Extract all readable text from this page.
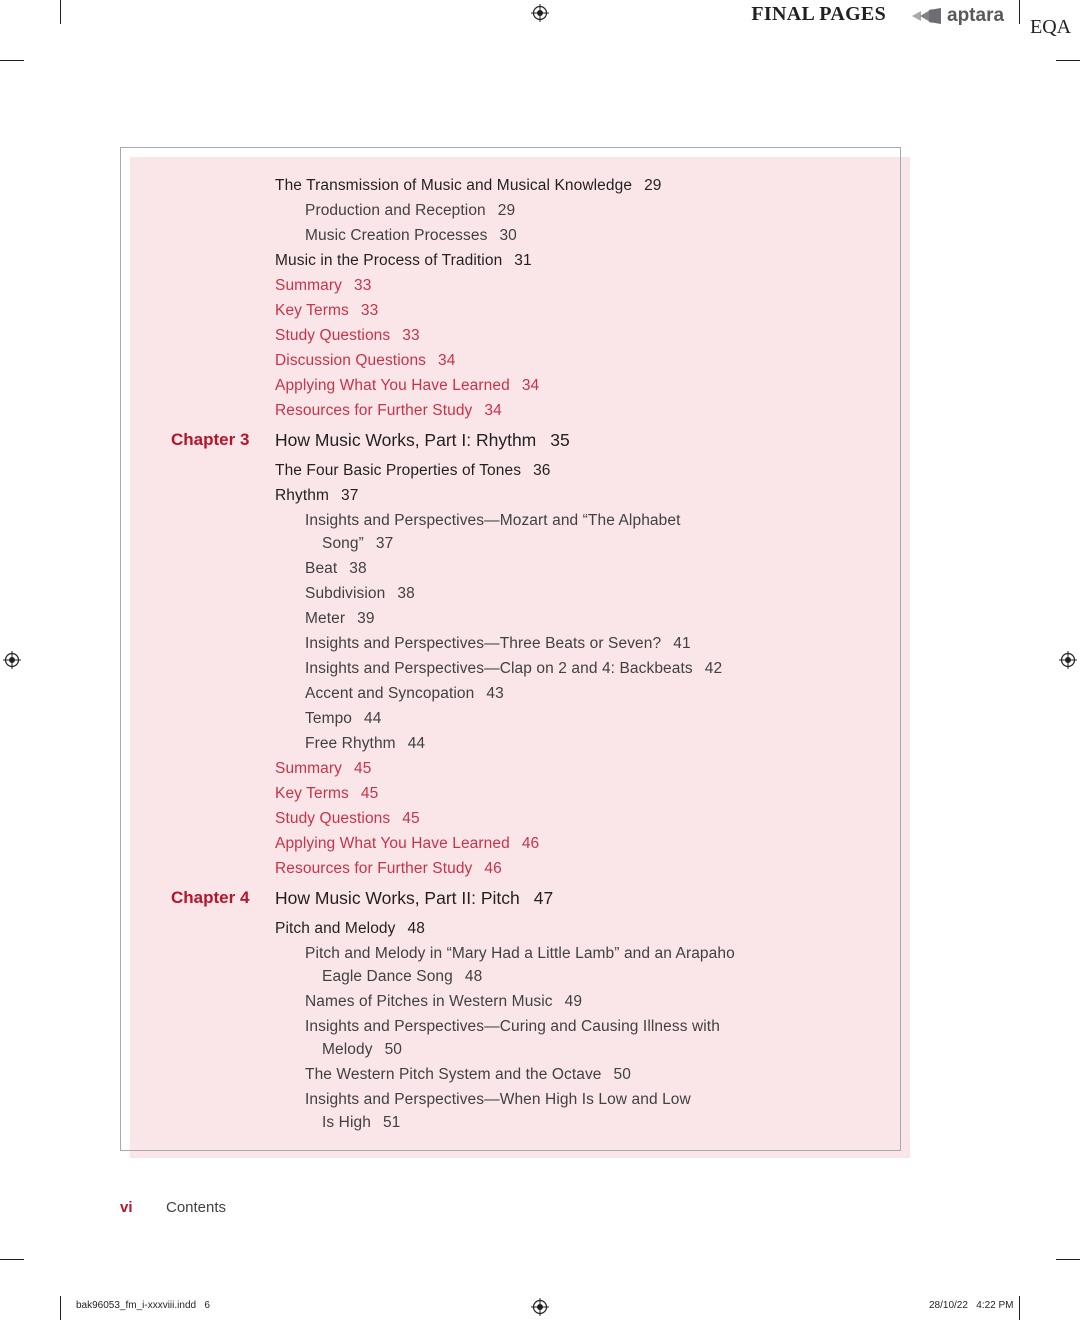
FINAL PAGES	aptara
EQA
Chapter 3 How Music Works, Part I: Rhythm 35
Chapter 4 How Music Works, Part II: Pitch 47
The Transmission of Music and Musical Knowledge 29
Production and Reception 29
Music Creation Processes 30
Music in the Process of Tradition 31
Summary 33
Key Terms 33
Study Questions 33
Discussion Questions 34
Applying What You Have Learned 34
Resources for Further Study 34
The Four Basic Properties of Tones 36
Rhythm 37
Insights and Perspectives—Mozart and “The Alphabet
Song” 37
Beat 38
Subdivision 38
Meter 39
Insights and Perspectives—Three Beats or Seven? 41
Insights and Perspectives—Clap on 2 and 4: Backbeats 42
Accent and Syncopation 43
Tempo 44
Free Rhythm 44
Summary 45
Key Terms 45
Study Questions 45
Applying What You Have Learned 46
Resources for Further Study 46
Pitch and Melody 48
Pitch and Melody in “Mary Had a Little Lamb” and an Arapaho
Eagle Dance Song 48
Names of Pitches in Western Music 49
Insights and Perspectives—Curing and Causing Illness with
Melody 50
The Western Pitch System and the Octave 50
Insights and Perspectives—When High Is Low and Low
Is High 51
vi Contents
bak96053_fm_i-xxxviii.indd   6	28/10/22   4:22 PM
